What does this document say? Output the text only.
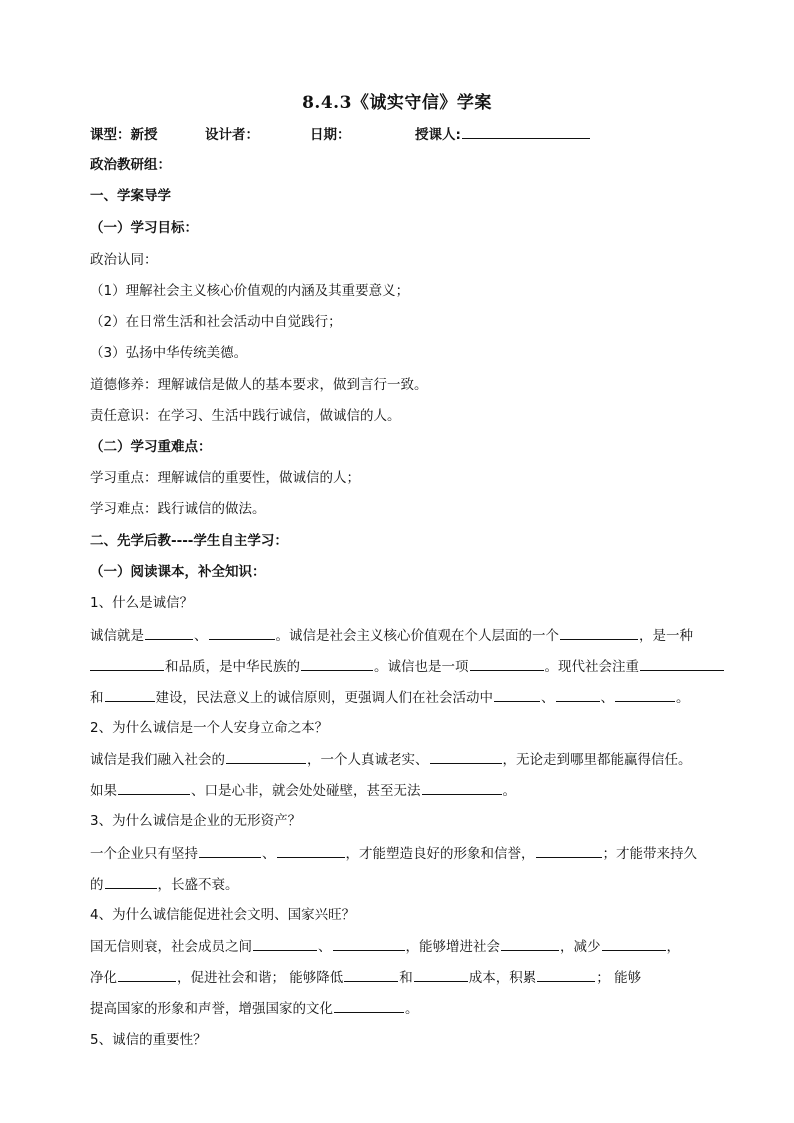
8.4.3《诚实守信》学案
课型：新授	设计者：	日期：	授课人:
政治教研组：
一、学案导学
（一）学习目标：
政治认同：
（1）理解社会主义核心价值观的内涵及其重要意义；
（2）在日常生活和社会活动中自觉践行；
（3）弘扬中华传统美德。
道德修养：理解诚信是做人的基本要求，做到言行一致。
责任意识：在学习、生活中践行诚信，做诚信的人。
（二）学习重难点：
学习重点：理解诚信的重要性，做诚信的人；
学习难点：践行诚信的做法。
二、先学后教----学生自主学习：
（一）阅读课本，补全知识：
1、什么是诚信？
诚信就是	、	。诚信是社会主义核心价值观在个人层面的一个	，是一种
和品质，是中华民族的	。诚信也是一项	。现代社会注重
和	建设，民法意义上的诚信原则，更强调人们在社会活动中	、	、	。
2、为什么诚信是一个人安身立命之本？
诚信是我们融入社会的	，一个人真诚老实、	，无论走到哪里都能赢得信任。
如果	、口是心非，就会处处碰壁，甚至无法	。
3、为什么诚信是企业的无形资产？
一个企业只有坚持	、	，才能塑造良好的形象和信誉，	；才能带来持久
的	，长盛不衰。
4、为什么诚信能促进社会文明、国家兴旺？
国无信则衰，社会成员之间	、	，能够增进社会	，减少	，
净化	，促进社会和谐； 能够降低	和	成本，积累	； 能够
提高国家的形象和声誉，增强国家的文化	。
5、诚信的重要性？
